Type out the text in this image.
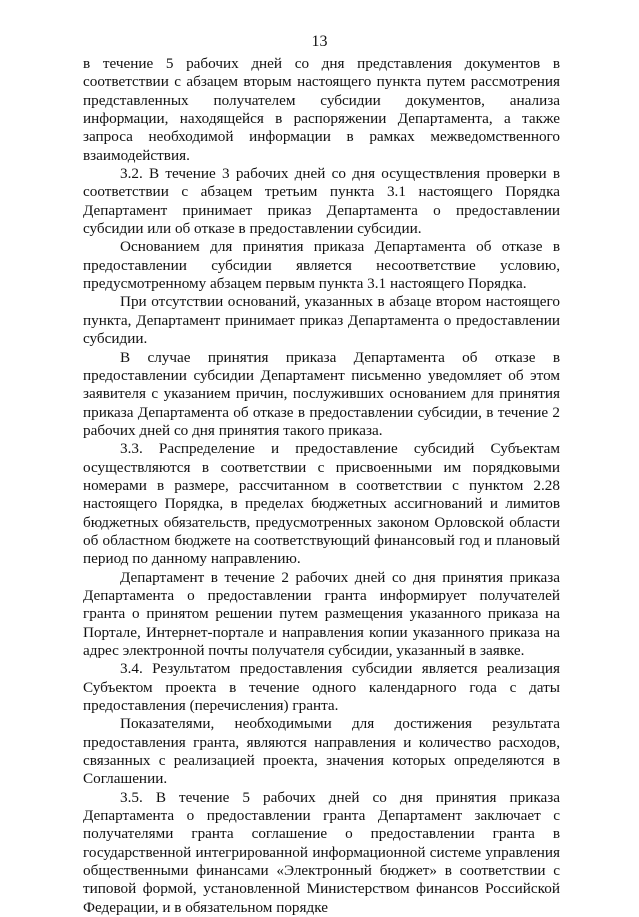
13

в течение 5 рабочих дней со дня представления документов в соответствии с абзацем вторым настоящего пункта путем рассмотрения представленных получателем субсидии документов, анализа информации, находящейся в распоряжении Департамента, а также запроса необходимой информации в рамках межведомственного взаимодействия.

3.2. В течение 3 рабочих дней со дня осуществления проверки в соответствии с абзацем третьим пункта 3.1 настоящего Порядка Департамент принимает приказ Департамента о предоставлении субсидии или об отказе в предоставлении субсидии.

Основанием для принятия приказа Департамента об отказе в предоставлении субсидии является несоответствие условию, предусмотренному абзацем первым пункта 3.1 настоящего Порядка.

При отсутствии оснований, указанных в абзаце втором настоящего пункта, Департамент принимает приказ Департамента о предоставлении субсидии.

В случае принятия приказа Департамента об отказе в предоставлении субсидии Департамент письменно уведомляет об этом заявителя с указанием причин, послуживших основанием для принятия приказа Департамента об отказе в предоставлении субсидии, в течение 2 рабочих дней со дня принятия такого приказа.

3.3. Распределение и предоставление субсидий Субъектам осуществляются в соответствии с присвоенными им порядковыми номерами в размере, рассчитанном в соответствии с пунктом 2.28 настоящего Порядка, в пределах бюджетных ассигнований и лимитов бюджетных обязательств, предусмотренных законом Орловской области об областном бюджете на соответствующий финансовый год и плановый период по данному направлению.

Департамент в течение 2 рабочих дней со дня принятия приказа Департамента о предоставлении гранта информирует получателей гранта о принятом решении путем размещения указанного приказа на Портале, Интернет-портале и направления копии указанного приказа на адрес электронной почты получателя субсидии, указанный в заявке.

3.4. Результатом предоставления субсидии является реализация Субъектом проекта в течение одного календарного года с даты предоставления (перечисления) гранта.

Показателями, необходимыми для достижения результата предоставления гранта, являются направления и количество расходов, связанных с реализацией проекта, значения которых определяются в Соглашении.

3.5. В течение 5 рабочих дней со дня принятия приказа Департамента о предоставлении гранта Департамент заключает с получателями гранта соглашение о предоставлении гранта в государственной интегрированной информационной системе управления общественными финансами «Электронный бюджет» в соответствии с типовой формой, установленной Министерством финансов Российской Федерации, и в обязательном порядке
